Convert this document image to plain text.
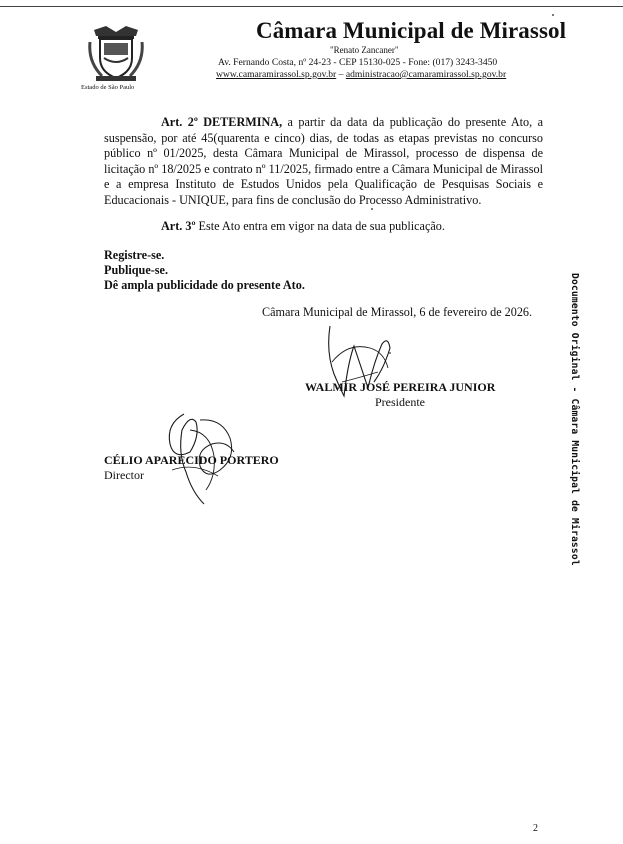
Estado de São Paulo
Câmara Municipal de Mirassol
"Renato Zancaner"
Av. Fernando Costa, nº 24-23 - CEP 15130-025 - Fone: (017) 3243-3450
www.camaramirassol.sp.gov.br – administracao@camaramirassol.sp.gov.br
Art. 2º DETERMINA, a partir da data da publicação do presente Ato, a suspensão, por até 45(quarenta e cinco) dias, de todas as etapas previstas no concurso público nº 01/2025, desta Câmara Municipal de Mirassol, processo de dispensa de licitação nº 18/2025 e contrato nº 11/2025, firmado entre a Câmara Municipal de Mirassol e a empresa Instituto de Estudos Unidos pela Qualificação de Pesquisas Sociais e Educacionais - UNIQUE, para fins de conclusão do Processo Administrativo.
Art. 3º Este Ato entra em vigor na data de sua publicação.
Registre-se.
Publique-se.
Dê ampla publicidade do presente Ato.
Câmara Municipal de Mirassol, 6 de fevereiro de 2026.
WALMIR JOSÉ PEREIRA JUNIOR
Presidente
CÉLIO APARECIDO PORTERO
Director	Documento Original - Câmara Municipal de Mirassol
2
